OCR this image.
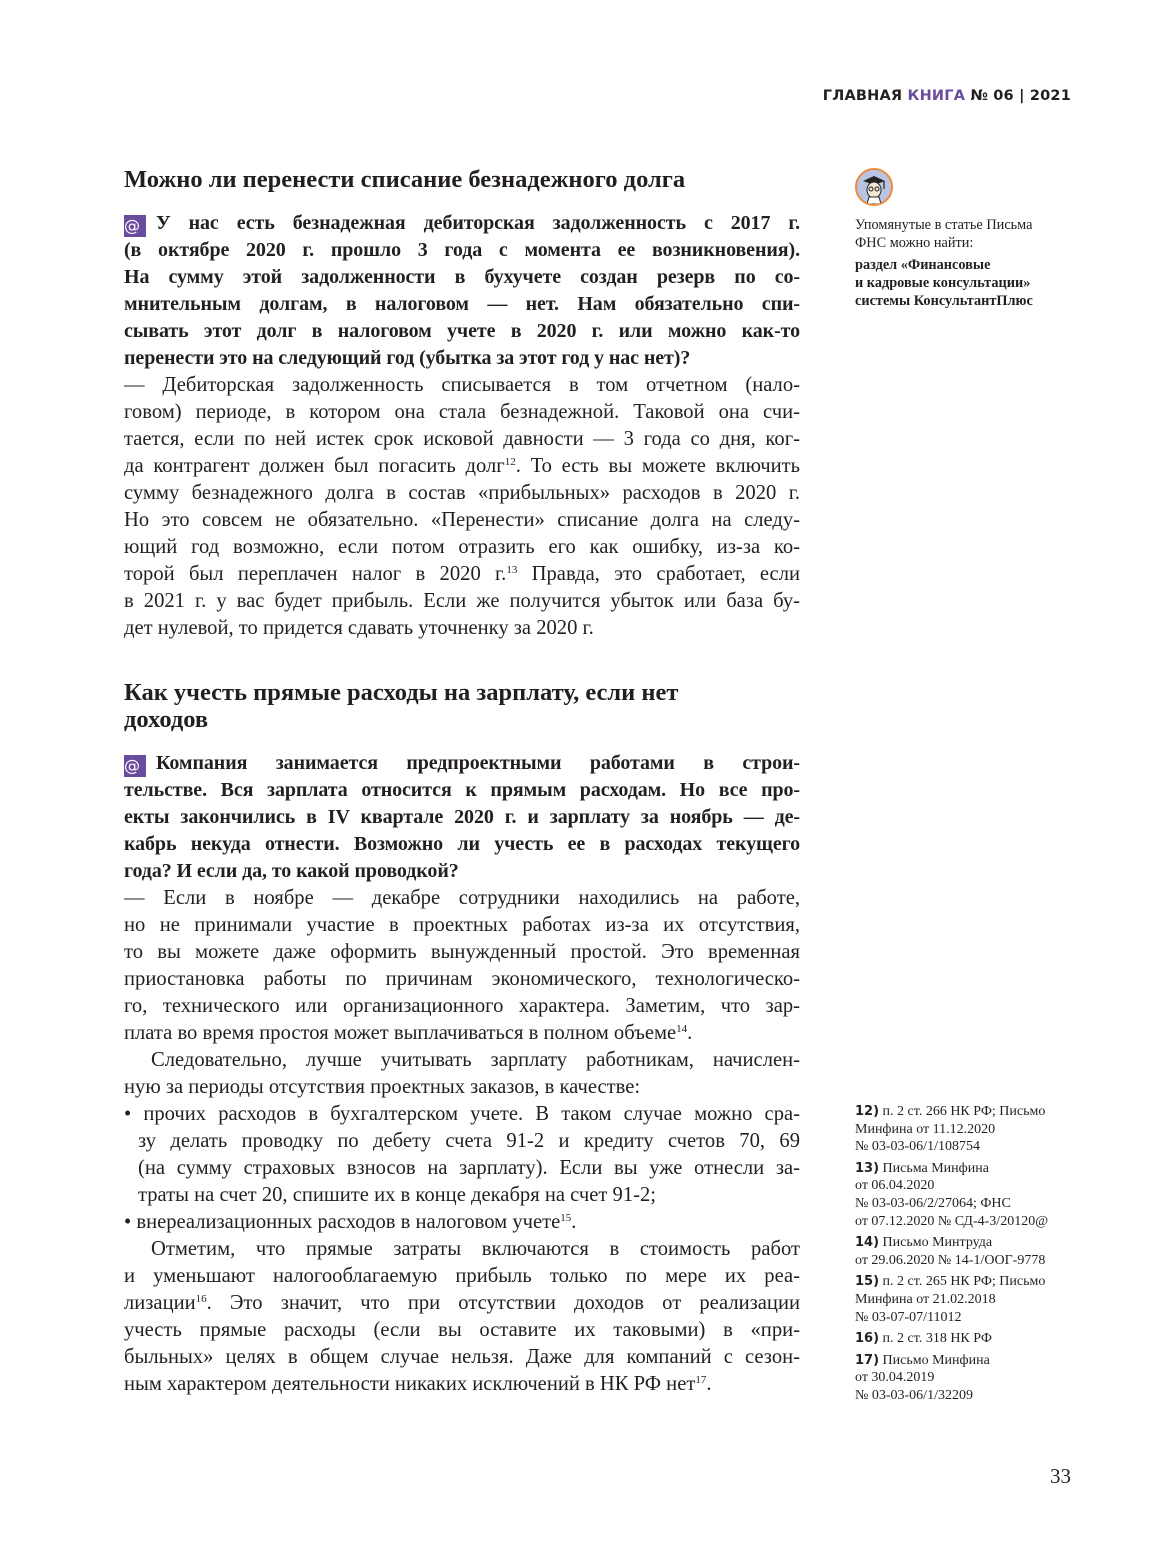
ГЛАВНАЯ КНИГА № 06 | 2021
Можно ли перенести списание безнадежного долга
@ У нас есть безнадежная дебиторская задолженность с 2017 г.
(в октябре 2020 г. прошло 3 года с момента ее возникновения).
На сумму этой задолженности в бухучете создан резерв по со-
мнительным долгам, в налоговом — нет. Нам обязательно спи-
сывать этот долг в налоговом учете в 2020 г. или можно как-то
перенести это на следующий год (убытка за этот год у нас нет)?
— Дебиторская задолженность списывается в том отчетном (нало-
говом) периоде, в котором она стала безнадежной. Таковой она счи-
тается, если по ней истек срок исковой давности — 3 года со дня, ког-
да контрагент должен был погасить долг$^{12}$. То есть вы можете включить
сумму безнадежного долга в состав «прибыльных» расходов в 2020 г.
Но это совсем не обязательно. «Перенести» списание долга на следу-
ющий год возможно, если потом отразить его как ошибку, из-за ко-
торой был переплачен налог в 2020 г.$^{13}$ Правда, это сработает, если
в 2021 г. у вас будет прибыль. Если же получится убыток или база бу-
дет нулевой, то придется сдавать уточненку за 2020 г.
Как учесть прямые расходы на зарплату, если нет
доходов
@ Компания занимается предпроектными работами в строи-
тельстве. Вся зарплата относится к прямым расходам. Но все про-
екты закончились в IV квартале 2020 г. и зарплату за ноябрь — де-
кабрь некуда отнести. Возможно ли учесть ее в расходах текущего
года? И если да, то какой проводкой?
— Если в ноябре — декабре сотрудники находились на работе,
но не принимали участие в проектных работах из-за их отсутствия,
то вы можете даже оформить вынужденный простой. Это временная
приостановка работы по причинам экономического, технологическо-
го, технического или организационного характера. Заметим, что зар-
плата во время простоя может выплачиваться в полном объеме$^{14}$.
Следовательно, лучше учитывать зарплату работникам, начислен-
ную за периоды отсутствия проектных заказов, в качестве:
• прочих расходов в бухгалтерском учете. В таком случае можно сра-
зу делать проводку по дебету счета 91-2 и кредиту счетов 70, 69
(на сумму страховых взносов на зарплату). Если вы уже отнесли за-
траты на счет 20, спишите их в конце декабря на счет 91-2;
• внереализационных расходов в налоговом учете$^{15}$.
Отметим, что прямые затраты включаются в стоимость работ
и уменьшают налогооблагаемую прибыль только по мере их реа-
лизации$^{16}$. Это значит, что при отсутствии доходов от реализации
учесть прямые расходы (если вы оставите их таковыми) в «при-
быльных» целях в общем случае нельзя. Даже для компаний с сезон-
ным характером деятельности никаких исключений в НК РФ нет$^{17}$.
Упомянутые в статье Письма
ФНС можно найти:
раздел «Финансовые
и кадровые консультации»
системы КонсультантПлюс
12) п. 2 ст. 266 НК РФ; Письмо
Минфина от 11.12.2020
№ 03-03-06/1/108754
13) Письма Минфина
от 06.04.2020
№ 03-03-06/2/27064; ФНС
от 07.12.2020 № СД-4-3/20120@
14) Письмо Минтруда
от 29.06.2020 № 14-1/ООГ-9778
15) п. 2 ст. 265 НК РФ; Письмо
Минфина от 21.02.2018
№ 03-07-07/11012
16) п. 2 ст. 318 НК РФ
17) Письмо Минфина
от 30.04.2019
№ 03-03-06/1/32209
33
